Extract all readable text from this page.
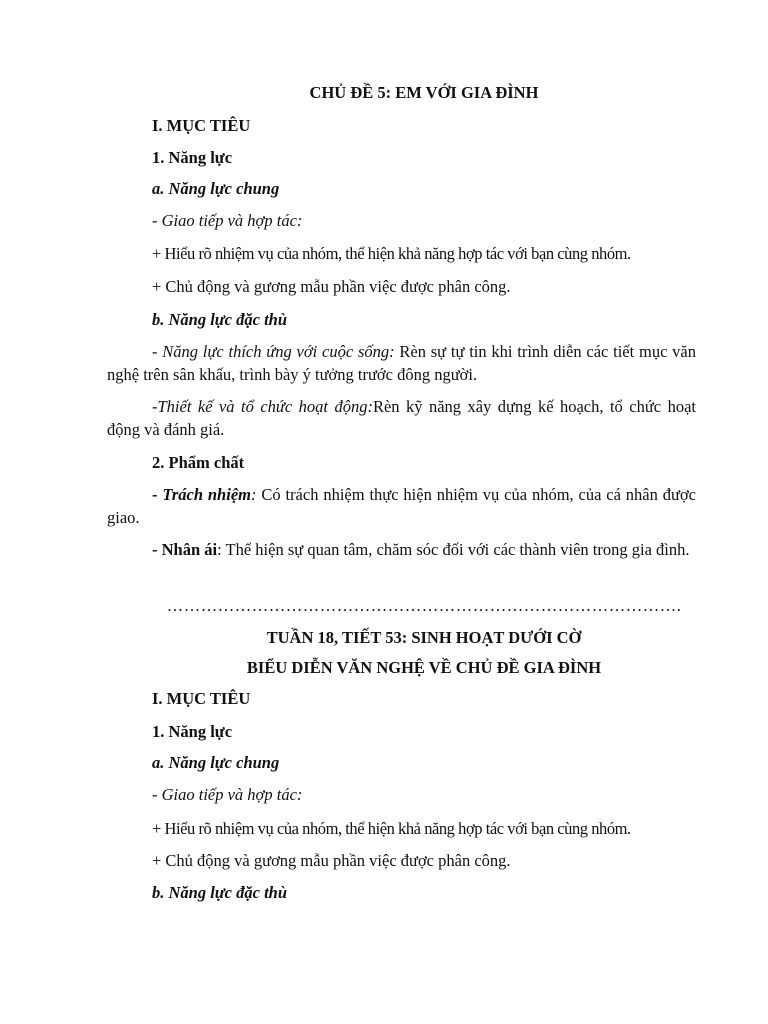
CHỦ ĐỀ 5: EM VỚI GIA ĐÌNH
I. MỤC TIÊU
1. Năng lực
a. Năng lực chung
- Giao tiếp và hợp tác:
+ Hiểu rõ nhiệm vụ của nhóm, thể hiện khả năng hợp tác với bạn cùng nhóm.
+ Chủ động và gương mẫu phần việc được phân công.
b. Năng lực đặc thù
- Năng lực thích ứng với cuộc sống: Rèn sự tự tin khi trình diễn các tiết mục văn nghệ trên sân khấu, trình bày ý tưởng trước đông người.
-Thiết kế và tổ chức hoạt động:Rèn kỹ năng xây dựng kế hoạch, tổ chức hoạt động và đánh giá.
2. Phẩm chất
- Trách nhiệm: Có trách nhiệm thực hiện nhiệm vụ của nhóm, của cá nhân được giao.
- Nhân ái: Thể hiện sự quan tâm, chăm sóc đối với các thành viên trong gia đình.
……………………………………………………………………………….
TUẦN 18, TIẾT 53: SINH HOẠT DƯỚI CỜ
BIỂU DIỄN VĂN NGHỆ VỀ CHỦ ĐỀ GIA ĐÌNH
I. MỤC TIÊU
1. Năng lực
a. Năng lực chung
- Giao tiếp và hợp tác:
+ Hiểu rõ nhiệm vụ của nhóm, thể hiện khả năng hợp tác với bạn cùng nhóm.
+ Chủ động và gương mẫu phần việc được phân công.
b. Năng lực đặc thù
